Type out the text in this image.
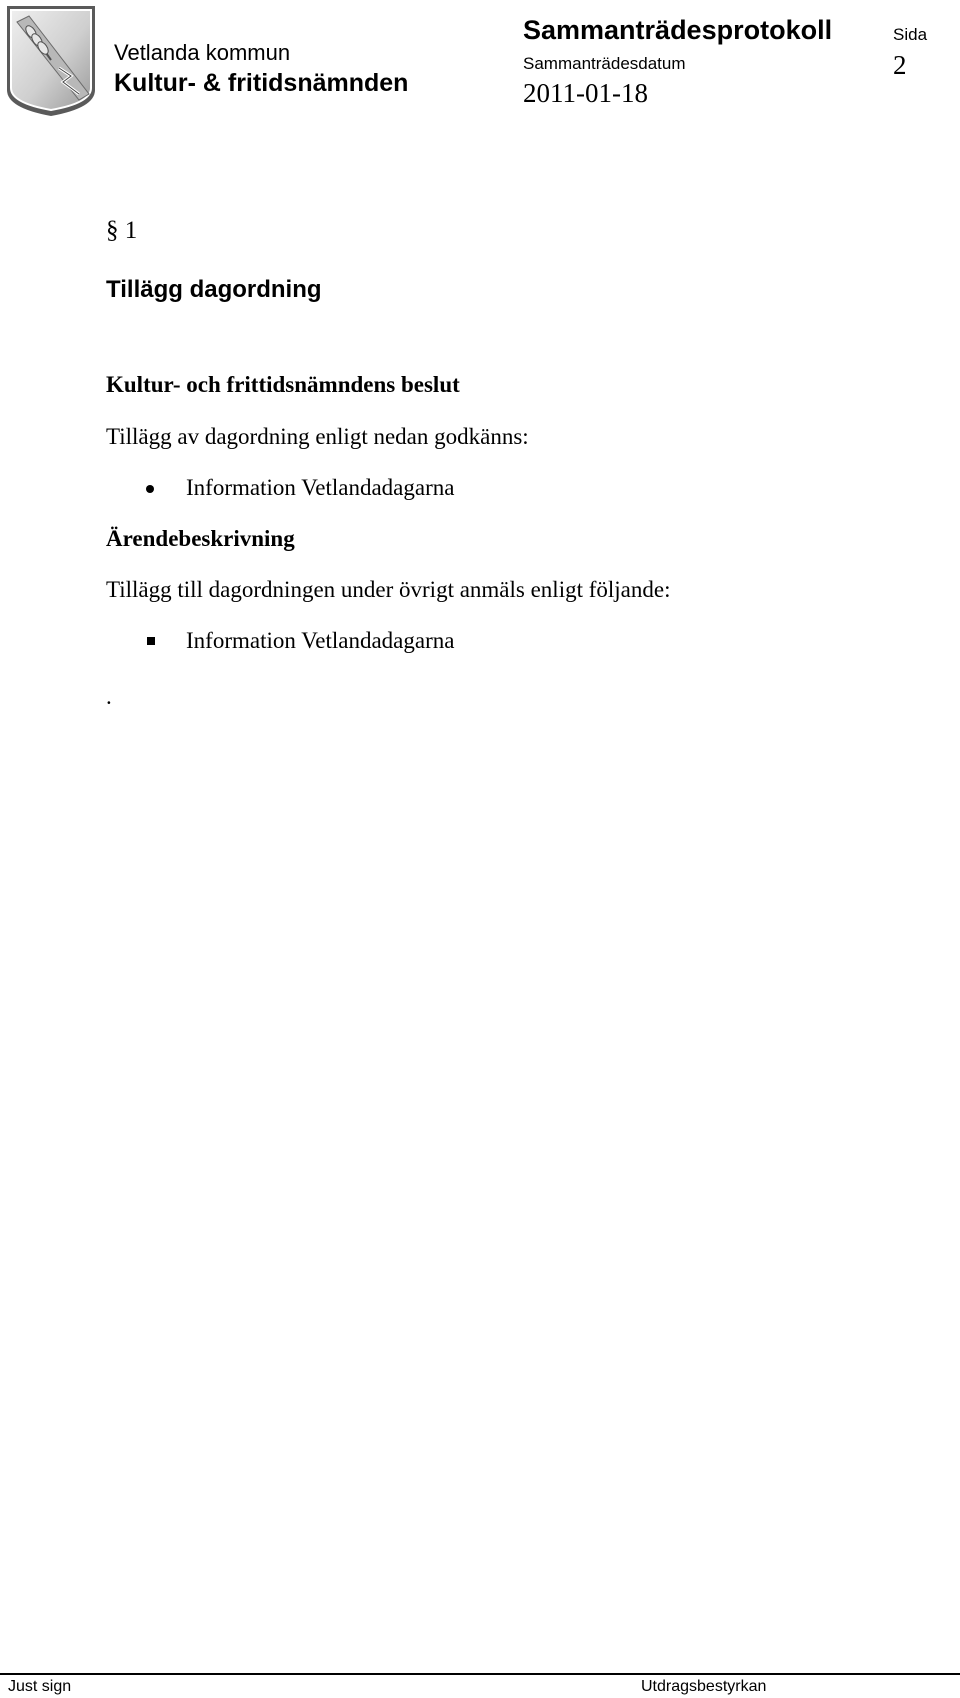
Vetlanda kommun
Kultur- & fritidsnämnden
Sammanträdesprotokoll
Sammanträdesdatum
2011-01-18
Sida
2
§ 1
Tillägg dagordning
Kultur- och frittidsnämndens beslut
Tillägg av dagordning enligt nedan godkänns:
Information Vetlandadagarna
Ärendebeskrivning
Tillägg till dagordningen under övrigt anmäls enligt följande:
Information Vetlandadagarna
.
Just sign	Utdragsbestyrkan
